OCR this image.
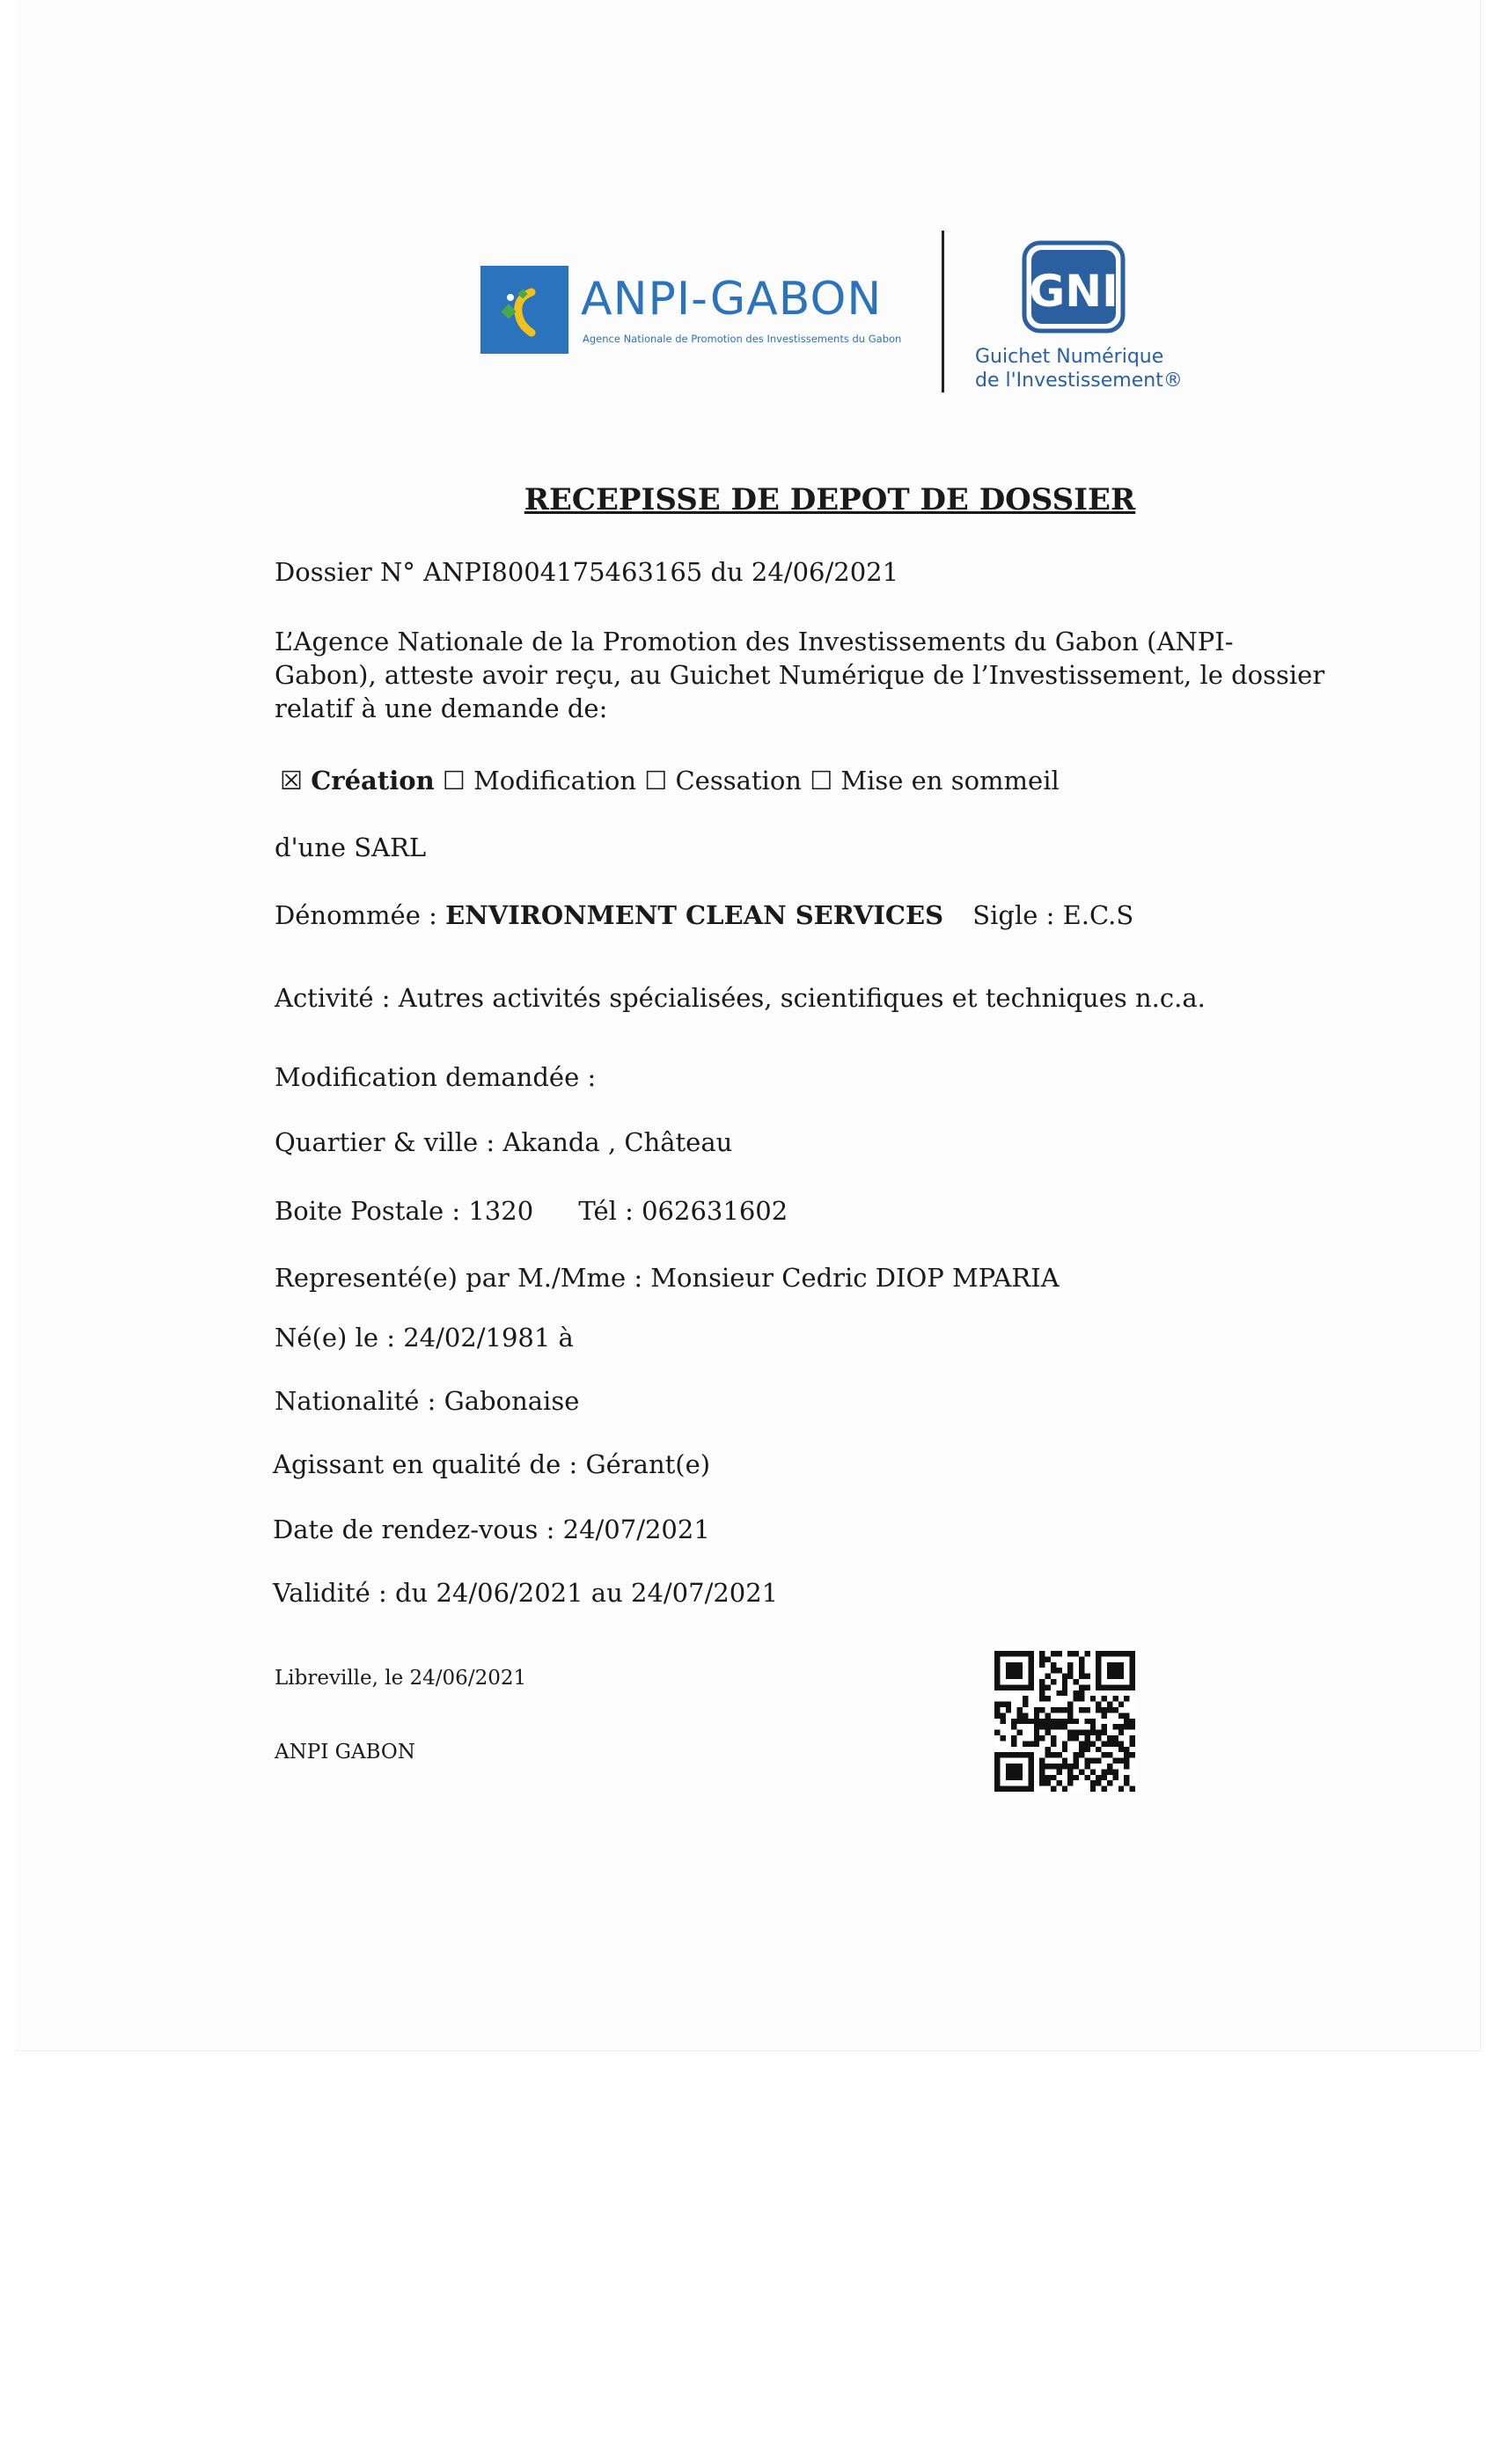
ANPI-GABON
Agence Nationale de Promotion des Investissements du Gabon
GNI
Guichet Numérique
de l'Investissement®
RECEPISSE DE DEPOT DE DOSSIER
Dossier N° ANPI8004175463165 du 24/06/2021
L’Agence Nationale de la Promotion des Investissements du Gabon (ANPI-Gabon), atteste avoir reçu, au Guichet Numérique de l’Investissement, le dossier relatif à une demande de:
☒ Création ☐ Modification ☐ Cessation ☐ Mise en sommeil
d'une SARL
Dénommée : ENVIRONMENT CLEAN SERVICES Sigle : E.C.S
Activité : Autres activités spécialisées, scientifiques et techniques n.c.a.
Modification demandée :
Quartier & ville : Akanda , Château
Boite Postale : 1320 Tél : 062631602
Representé(e) par M./Mme : Monsieur Cedric DIOP MPARIA
Né(e) le : 24/02/1981 à
Nationalité : Gabonaise
Agissant en qualité de : Gérant(e)
Date de rendez-vous : 24/07/2021
Validité : du 24/06/2021 au 24/07/2021
Libreville, le 24/06/2021
ANPI GABON
